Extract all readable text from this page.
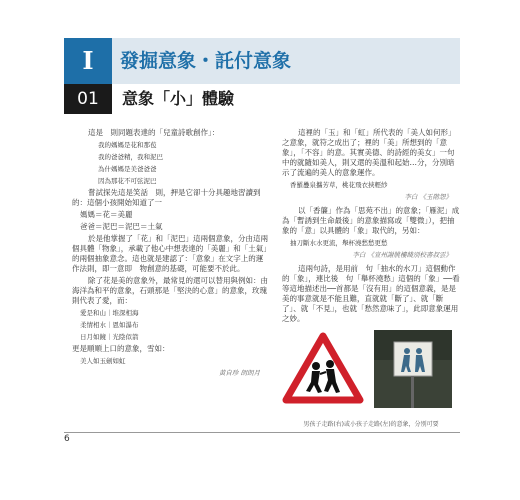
I	發掘意象・託付意象
01	意象「小」體驗

這是　則同題表達的「兒童詩歌創作」：

我的媽媽是花和那苞

我的爸爸精，我和泥巴

為什媽媽是美爸爸爸

因為那花不可弦泥巴

嘗試探先這是笑話　則，押是它卻十分具趣地習讀到的：這個小孩開始知道了一

媽媽＝花＝美麗

爸爸＝泥巴＝泥巴＝土氣

於是他掌握了「花」和「泥巴」這兩個意象，分由這兩個具體「物象」，承載了他心中想表達的「美麗」和「土氣」的兩個抽象意念。這也就是建認了：「意象」在文字上的運作法則，即一意即　物創意的基礎，可能要不於此。

除了花是美的意象外，最常見的還可以替用與例如：由海洋為和平的意象，石頭那是「堅決的心意」的意象，玫瑰則代表了愛，而：

愛是和山｜堆深相海

柔情相水｜恩如瀑布

日月如鏡｜光陰似箭

更是順順上口的意象，雪如：

美人如玉劍如虹

黃自珍 朗朗月

這裡的「玉」和「虹」所代表的「美人如何形」之意象，就符之成出了；裡的「美」所想到的「意象」，「不容」的意。其實美德、的詩經的美女」一句中的就隨如美人，則又還的美溫和起始…分，分別暗示了流遍的美人的意象運作。

香羅疊泉攜芳草，桃花飛衣挾輕紗

李白 《玉階怨》

以「香簾」作為「思苑不出」的意象；「雁泥」成為「暫誘到生命最後」的意象描寫或「雙微」），把抽象的「意」以具體的「象」取代的，另如：

抽刀斷水水更流，舉杯澆愁愁更愁

李白 《宣州謝朓樓餞別校書叔雲》

這兩句詩，是用前　句「抽水的水刀」這個動作的「象」，連比後　句「舉杯澆愁」這個的「象」──看等這地描述出──首都是「沒有用」的這個意義，是是美的事意就是不能且難，直就就「斷了」、就「斷了」、就「不見」，也就「愁然意味了」，此即意象運用之妙。

男孩子走路(右)或小孩子走路(左)的意象，分別可要

6
